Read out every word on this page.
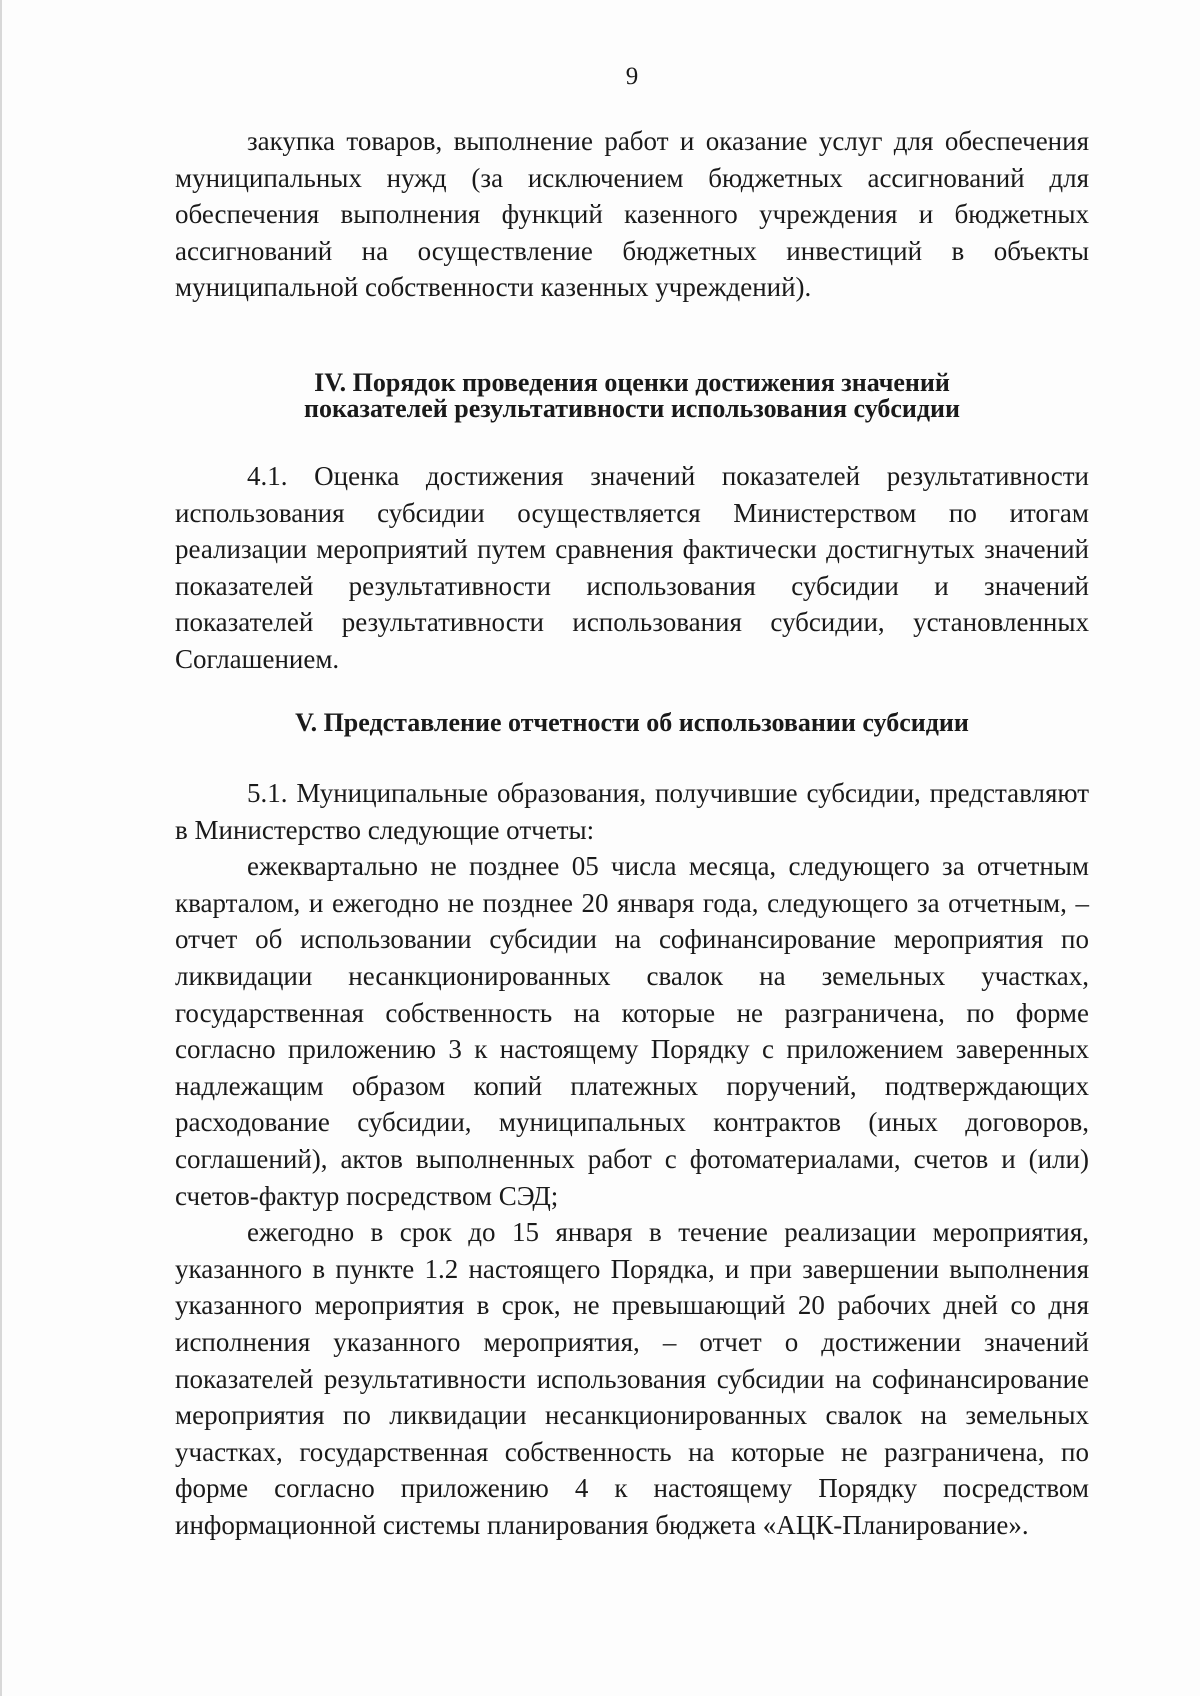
9

закупка товаров, выполнение работ и оказание услуг для обеспечения муниципальных нужд (за исключением бюджетных ассигнований для обеспечения выполнения функций казенного учреждения и бюджетных ассигнований на осуществление бюджетных инвестиций в объекты муниципальной собственности казенных учреждений).

IV. Порядок проведения оценки достижения значений
показателей результативности использования субсидии

4.1. Оценка достижения значений показателей результативности использования субсидии осуществляется Министерством по итогам реализации мероприятий путем сравнения фактически достигнутых значений показателей результативности использования субсидии и значений показателей результативности использования субсидии, установленных Соглашением.

V. Представление отчетности об использовании субсидии

5.1. Муниципальные образования, получившие субсидии, представляют в Министерство следующие отчеты:

ежеквартально не позднее 05 числа месяца, следующего за отчетным кварталом, и ежегодно не позднее 20 января года, следующего за отчетным, – отчет об использовании субсидии на софинансирование мероприятия по ликвидации несанкционированных свалок на земельных участках, государственная собственность на которые не разграничена, по форме согласно приложению 3 к настоящему Порядку с приложением заверенных надлежащим образом копий платежных поручений, подтверждающих расходование субсидии, муниципальных контрактов (иных договоров, соглашений), актов выполненных работ с фотоматериалами, счетов и (или) счетов-фактур посредством СЭД;

ежегодно в срок до 15 января в течение реализации мероприятия, указанного в пункте 1.2 настоящего Порядка, и при завершении выполнения указанного мероприятия в срок, не превышающий 20 рабочих дней со дня исполнения указанного мероприятия, – отчет о достижении значений показателей результативности использования субсидии на софинансирование мероприятия по ликвидации несанкционированных свалок на земельных участках, государственная собственность на которые не разграничена, по форме согласно приложению 4 к настоящему Порядку посредством информационной системы планирования бюджета «АЦК-Планирование».
